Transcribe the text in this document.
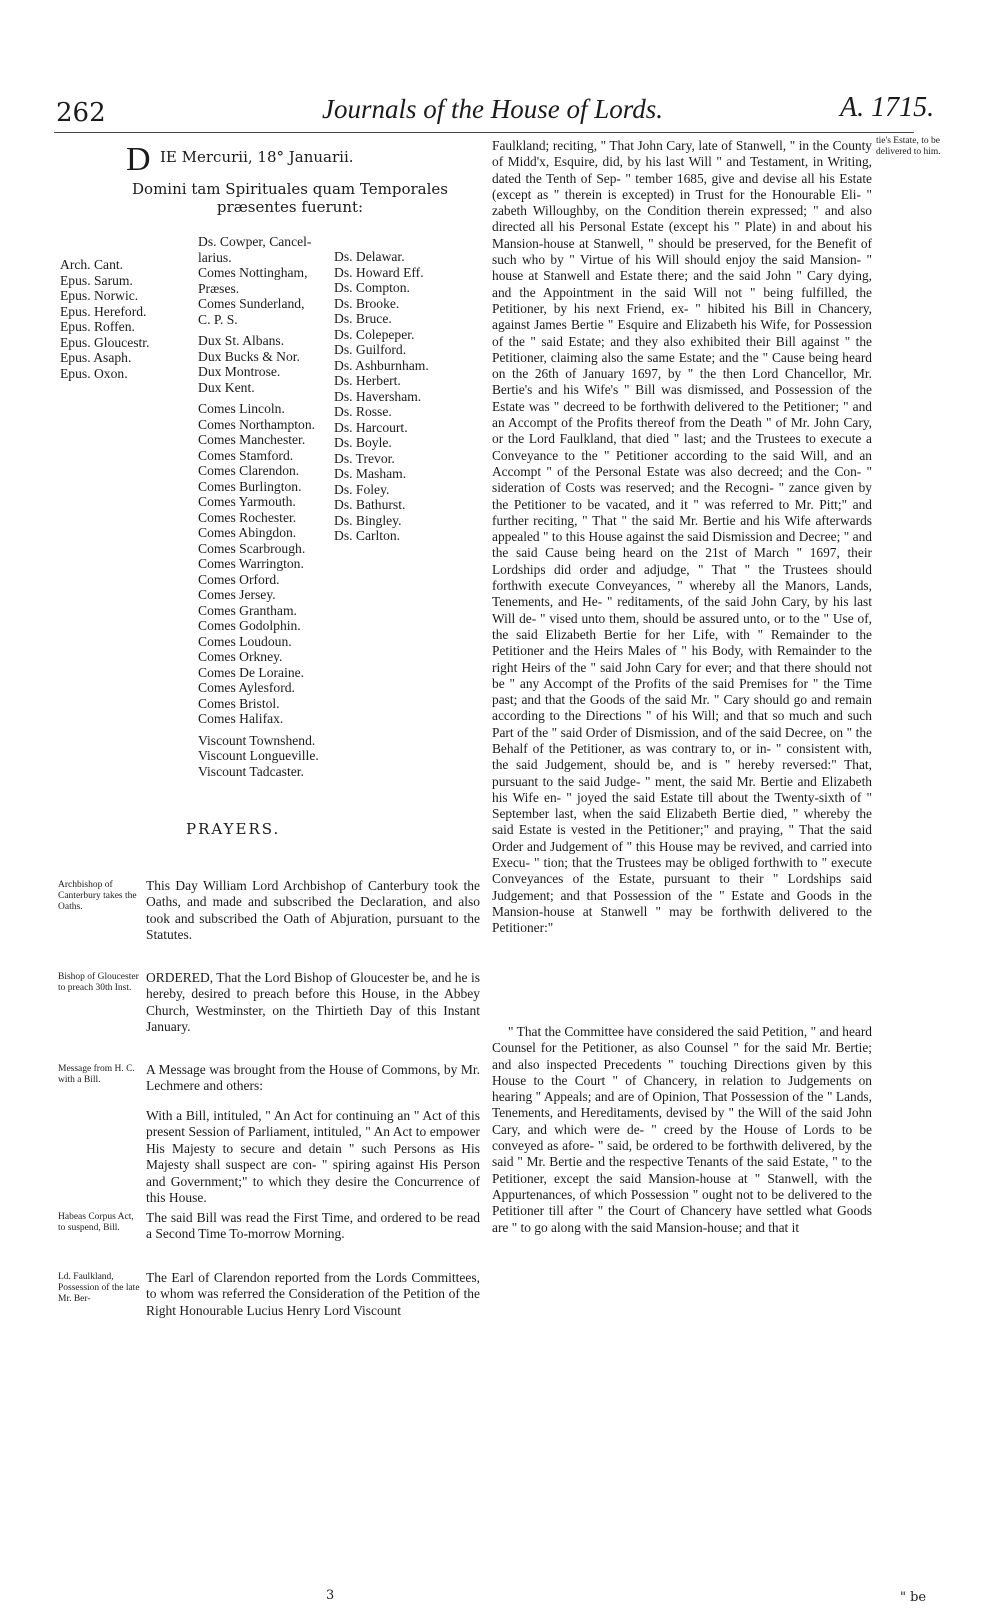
262	Journals of the House of Lords.	A. 1715.
D IE Mercurii, 18° Januarii.
Domini tam Spirituales quam Temporales præsentes fuerunt:
Arch. Cant.
Epus. Sarum.
Epus. Norwic.
Epus. Hereford.
Epus. Roffen.
Epus. Gloucestr.
Epus. Asaph.
Epus. Oxon.
Ds. Cowper, Cancel-
larius.
Comes Nottingham,
Præses.
Comes Sunderland,
C. P. S.
Dux St. Albans.
Dux Bucks & Nor.
Dux Montrose.
Dux Kent.
Comes Lincoln.
Comes Northampton.
Comes Manchester.
Comes Stamford.
Comes Clarendon.
Comes Burlington.
Comes Yarmouth.
Comes Rochester.
Comes Abingdon.
Comes Scarbrough.
Comes Warrington.
Comes Orford.
Comes Jersey.
Comes Grantham.
Comes Godolphin.
Comes Loudoun.
Comes Orkney.
Comes De Loraine.
Comes Aylesford.
Comes Bristol.
Comes Halifax.
Viscount Townshend.
Viscount Longueville.
Viscount Tadcaster.
Ds. Delawar.
Ds. Howard Eff.
Ds. Compton.
Ds. Brooke.
Ds. Bruce.
Ds. Colepeper.
Ds. Guilford.
Ds. Ashburnham.
Ds. Herbert.
Ds. Haversham.
Ds. Rosse.
Ds. Harcourt.
Ds. Boyle.
Ds. Trevor.
Ds. Masham.
Ds. Foley.
Ds. Bathurst.
Ds. Bingley.
Ds. Carlton.
PRAYERS.
Archbishop of Canterbury takes the Oaths.
This Day William Lord Archbishop of Canterbury took the Oaths, and made and subscribed the Declaration, and also took and subscribed the Oath of Abjuration, pursuant to the Statutes.
Bishop of Gloucester to preach 30th Inst.
ORDERED, That the Lord Bishop of Gloucester be, and he is hereby, desired to preach before this House, in the Abbey Church, Westminster, on the Thirtieth Day of this Instant January.
Message from H. C. with a Bill.
A Message was brought from the House of Commons, by Mr. Lechmere and others:
With a Bill, intituled, " An Act for continuing an " Act of this present Session of Parliament, intituled, " An Act to empower His Majesty to secure and detain " such Persons as His Majesty shall suspect are con- " spiring against His Person and Government;" to which they desire the Concurrence of this House.
Habeas Corpus Act, to suspend, Bill.
The said Bill was read the First Time, and ordered to be read a Second Time To-morrow Morning.
Ld. Faulkland, Possession of the late Mr. Ber-
The Earl of Clarendon reported from the Lords Committees, to whom was referred the Consideration of the Petition of the Right Honourable Lucius Henry Lord Viscount
tie's Estate, to be delivered to him.
Faulkland; reciting, " That John Cary, late of Stanwell, " in the County of Midd'x, Esquire, did, by his last Will " and Testament, in Writing, dated the Tenth of Sep- " tember 1685, give and devise all his Estate (except as " therein is excepted) in Trust for the Honourable Eli- " zabeth Willoughby, on the Condition therein expressed; " and also directed all his Personal Estate (except his " Plate) in and about his Mansion-house at Stanwell, " should be preserved, for the Benefit of such who by " Virtue of his Will should enjoy the said Mansion- " house at Stanwell and Estate there; and the said John " Cary dying, and the Appointment in the said Will not " being fulfilled, the Petitioner, by his next Friend, ex- " hibited his Bill in Chancery, against James Bertie " Esquire and Elizabeth his Wife, for Possession of the " said Estate; and they also exhibited their Bill against " the Petitioner, claiming also the same Estate; and the " Cause being heard on the 26th of January 1697, by " the then Lord Chancellor, Mr. Bertie's and his Wife's " Bill was dismissed, and Possession of the Estate was " decreed to be forthwith delivered to the Petitioner; " and an Accompt of the Profits thereof from the Death " of Mr. John Cary, or the Lord Faulkland, that died " last; and the Trustees to execute a Conveyance to the " Petitioner according to the said Will, and an Accompt " of the Personal Estate was also decreed; and the Con- " sideration of Costs was reserved; and the Recogni- " zance given by the Petitioner to be vacated, and it " was referred to Mr. Pitt;" and further reciting, " That " the said Mr. Bertie and his Wife afterwards appealed " to this House against the said Dismission and Decree; " and the said Cause being heard on the 21st of March " 1697, their Lordships did order and adjudge, " That " the Trustees should forthwith execute Conveyances, " whereby all the Manors, Lands, Tenements, and He- " reditaments, of the said John Cary, by his last Will de- " vised unto them, should be assured unto, or to the " Use of, the said Elizabeth Bertie for her Life, with " Remainder to the Petitioner and the Heirs Males of " his Body, with Remainder to the right Heirs of the " said John Cary for ever; and that there should not be " any Accompt of the Profits of the said Premises for " the Time past; and that the Goods of the said Mr. " Cary should go and remain according to the Directions " of his Will; and that so much and such Part of the " said Order of Dismission, and of the said Decree, on " the Behalf of the Petitioner, as was contrary to, or in- " consistent with, the said Judgement, should be, and is " hereby reversed:" That, pursuant to the said Judge- " ment, the said Mr. Bertie and Elizabeth his Wife en- " joyed the said Estate till about the Twenty-sixth of " September last, when the said Elizabeth Bertie died, " whereby the said Estate is vested in the Petitioner;" and praying, " That the said Order and Judgement of " this House may be revived, and carried into Execu- " tion; that the Trustees may be obliged forthwith to " execute Conveyances of the Estate, pursuant to their " Lordships said Judgement; and that Possession of the " Estate and Goods in the Mansion-house at Stanwell " may be forthwith delivered to the Petitioner:"
" That the Committee have considered the said Petition, " and heard Counsel for the Petitioner, as also Counsel " for the said Mr. Bertie; and also inspected Precedents " touching Directions given by this House to the Court " of Chancery, in relation to Judgements on hearing " Appeals; and are of Opinion, That Possession of the " Lands, Tenements, and Hereditaments, devised by " the Will of the said John Cary, and which were de- " creed by the House of Lords to be conveyed as afore- " said, be ordered to be forthwith delivered, by the said " Mr. Bertie and the respective Tenants of the said Estate, " to the Petitioner, except the said Mansion-house at " Stanwell, with the Appurtenances, of which Possession " ought not to be delivered to the Petitioner till after " the Court of Chancery have settled what Goods are " to go along with the said Mansion-house; and that it
3	" be
